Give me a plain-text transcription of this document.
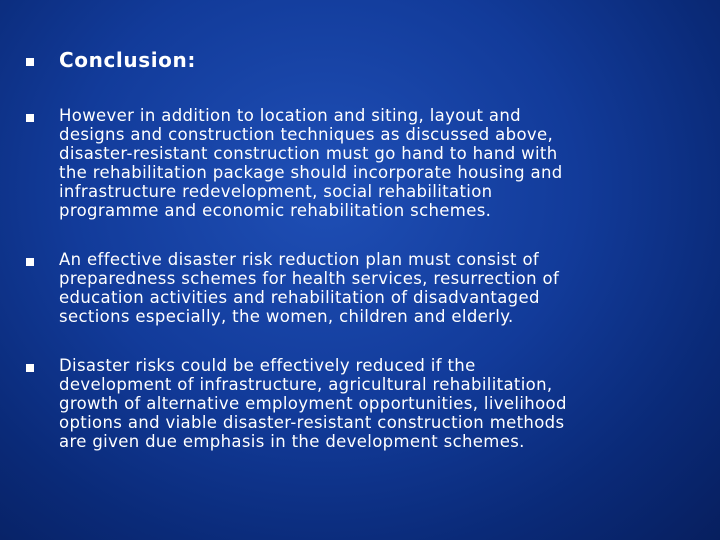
Conclusion:
However in addition to location and siting, layout and
designs and construction techniques as discussed above,
disaster-resistant construction must go hand to hand with
the rehabilitation package should incorporate housing and
infrastructure redevelopment, social rehabilitation
programme and economic rehabilitation schemes.
An effective disaster risk reduction plan must consist of
preparedness schemes for health services, resurrection of
education activities and rehabilitation of disadvantaged
sections especially, the women, children and elderly.
Disaster risks could be effectively reduced if the
development of infrastructure, agricultural rehabilitation,
growth of alternative employment opportunities, livelihood
options and viable disaster-resistant construction methods
are given due emphasis in the development schemes.
